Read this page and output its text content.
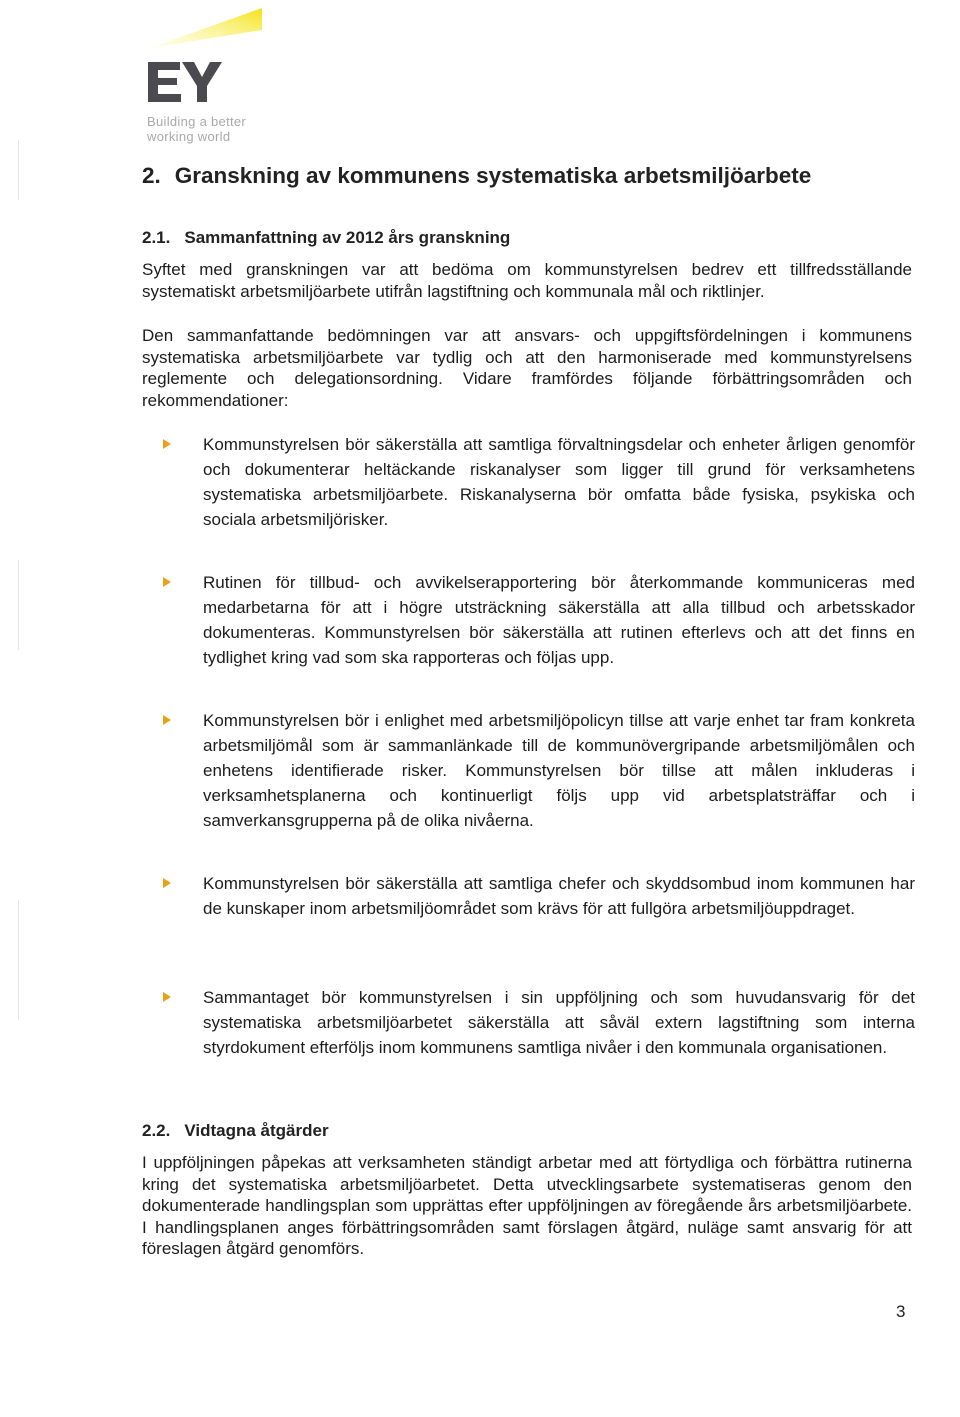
Building a better
working world
2. Granskning av kommunens systematiska arbetsmiljöarbete
2.1. Sammanfattning av 2012 års granskning

Syftet med granskningen var att bedöma om kommunstyrelsen bedrev ett tillfredsställande systematiskt arbetsmiljöarbete utifrån lagstiftning och kommunala mål och riktlinjer.

Den sammanfattande bedömningen var att ansvars- och uppgiftsfördelningen i kommunens systematiska arbetsmiljöarbete var tydlig och att den harmoniserade med kommunstyrelsens reglemente och delegationsordning. Vidare framfördes följande förbättringsområden och rekommendationer:

Kommunstyrelsen bör säkerställa att samtliga förvaltningsdelar och enheter årligen genomför och dokumenterar heltäckande riskanalyser som ligger till grund för verksamhetens systematiska arbetsmiljöarbete. Riskanalyserna bör omfatta både fysiska, psykiska och sociala arbetsmiljörisker.

Rutinen för tillbud- och avvikelserapportering bör återkommande kommuniceras med medarbetarna för att i högre utsträckning säkerställa att alla tillbud och arbetsskador dokumenteras. Kommunstyrelsen bör säkerställa att rutinen efterlevs och att det finns en tydlighet kring vad som ska rapporteras och följas upp.

Kommunstyrelsen bör i enlighet med arbetsmiljöpolicyn tillse att varje enhet tar fram konkreta arbetsmiljömål som är sammanlänkade till de kommunövergripande arbetsmiljömålen och enhetens identifierade risker. Kommunstyrelsen bör tillse att målen inkluderas i verksamhetsplanerna och kontinuerligt följs upp vid arbetsplatsträffar och i samverkansgrupperna på de olika nivåerna.

Kommunstyrelsen bör säkerställa att samtliga chefer och skyddsombud inom kommunen har de kunskaper inom arbetsmiljöområdet som krävs för att fullgöra arbetsmiljöuppdraget.

Sammantaget bör kommunstyrelsen i sin uppföljning och som huvudansvarig för det systematiska arbetsmiljöarbetet säkerställa att såväl extern lagstiftning som interna styrdokument efterföljs inom kommunens samtliga nivåer i den kommunala organisationen.

2.2. Vidtagna åtgärder

I uppföljningen påpekas att verksamheten ständigt arbetar med att förtydliga och förbättra rutinerna kring det systematiska arbetsmiljöarbetet. Detta utvecklingsarbete systematiseras genom den dokumenterade handlingsplan som upprättas efter uppföljningen av föregående års arbetsmiljöarbete. I handlingsplanen anges förbättringsområden samt förslagen åtgärd, nuläge samt ansvarig för att föreslagen åtgärd genomförs.

3
